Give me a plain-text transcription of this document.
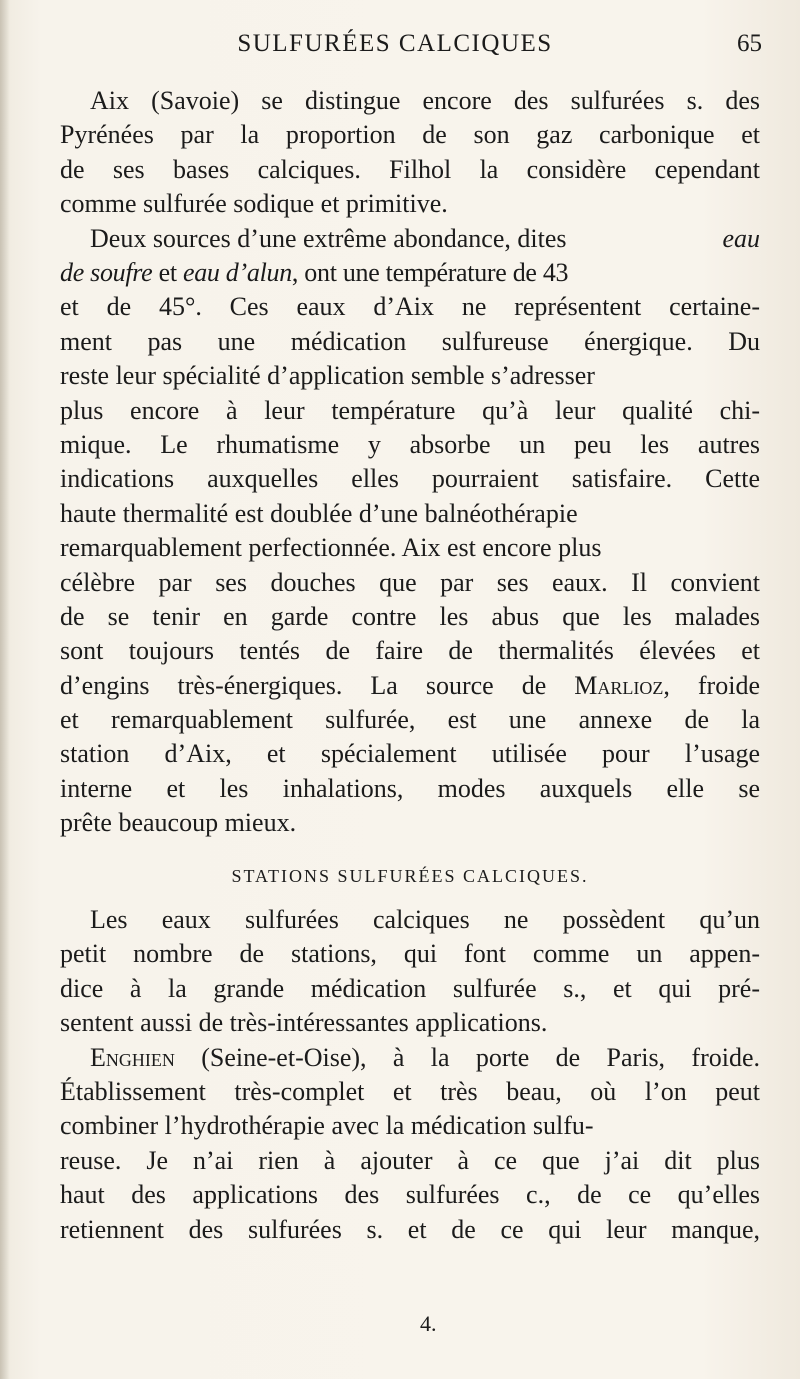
SULFURÉES CALCIQUES	65
Aix (Savoie) se distingue encore des sulfurées s. des
Pyrénées par la proportion de son gaz carbonique et
de ses bases calciques. Filhol la considère cependant
comme sulfurée sodique et primitive.
Deux sources d’une extrême abondance, dites	eau
de soufre et eau d’alun, ont une température de 43
et de 45°. Ces eaux d’Aix ne représentent certaine-
ment pas une médication sulfureuse énergique. Du
reste leur spécialité d’application semble s’adresser
plus encore à leur température qu’à leur qualité chi-
mique. Le rhumatisme y absorbe un peu les autres
indications auxquelles elles pourraient satisfaire. Cette
haute thermalité est doublée d’une balnéothérapie
remarquablement perfectionnée. Aix est encore plus
célèbre par ses douches que par ses eaux. Il convient
de se tenir en garde contre les abus que les malades
sont toujours tentés de faire de thermalités élevées et
d’engins très-énergiques. La source de Marlioz, froide
et remarquablement sulfurée, est une annexe de la
station d’Aix, et spécialement utilisée pour l’usage
interne et les inhalations, modes auxquels elle se
prête beaucoup mieux.
STATIONS SULFURÉES CALCIQUES.
Les eaux sulfurées calciques ne possèdent qu’un
petit nombre de stations, qui font comme un appen-
dice à la grande médication sulfurée s., et qui pré-
sentent aussi de très-intéressantes applications.
Enghien (Seine-et-Oise), à la porte de Paris, froide.
Établissement très-complet et très beau, où l’on peut
combiner l’hydrothérapie avec la médication sulfu-
reuse. Je n’ai rien à ajouter à ce que j’ai dit plus
haut des applications des sulfurées c., de ce qu’elles
retiennent des sulfurées s. et de ce qui leur manque,
4.
